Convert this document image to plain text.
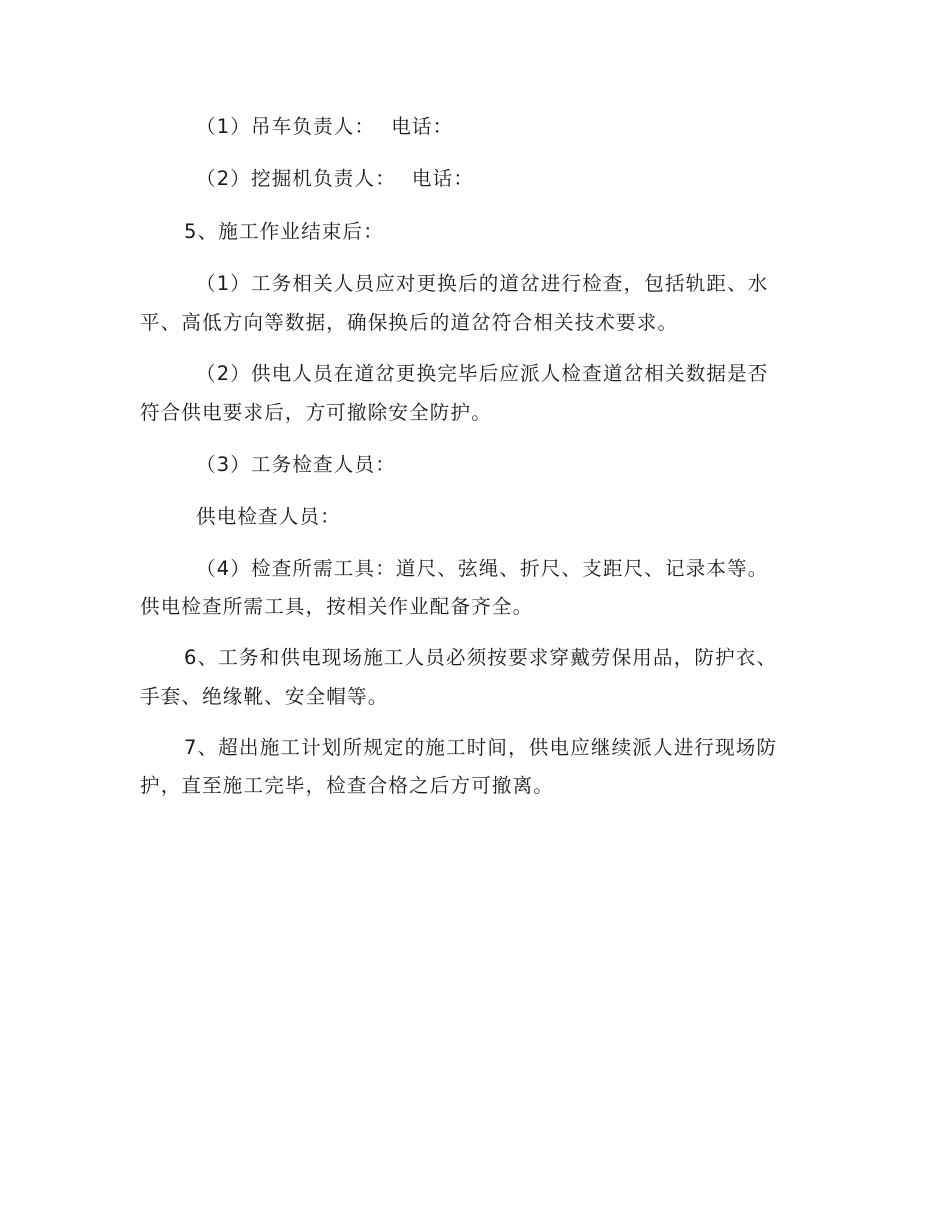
（1）吊车负责人： 电话：
（2）挖掘机负责人： 电话：
5、施工作业结束后：
（1）工务相关人员应对更换后的道岔进行检查，包括轨距、水
平、高低方向等数据，确保换后的道岔符合相关技术要求。
（2）供电人员在道岔更换完毕后应派人检查道岔相关数据是否
符合供电要求后，方可撤除安全防护。
（3）工务检查人员：
供电检查人员：
（4）检查所需工具：道尺、弦绳、折尺、支距尺、记录本等。
供电检查所需工具，按相关作业配备齐全。
6、工务和供电现场施工人员必须按要求穿戴劳保用品，防护衣、
手套、绝缘靴、安全帽等。
7、超出施工计划所规定的施工时间，供电应继续派人进行现场防
护，直至施工完毕，检查合格之后方可撤离。
